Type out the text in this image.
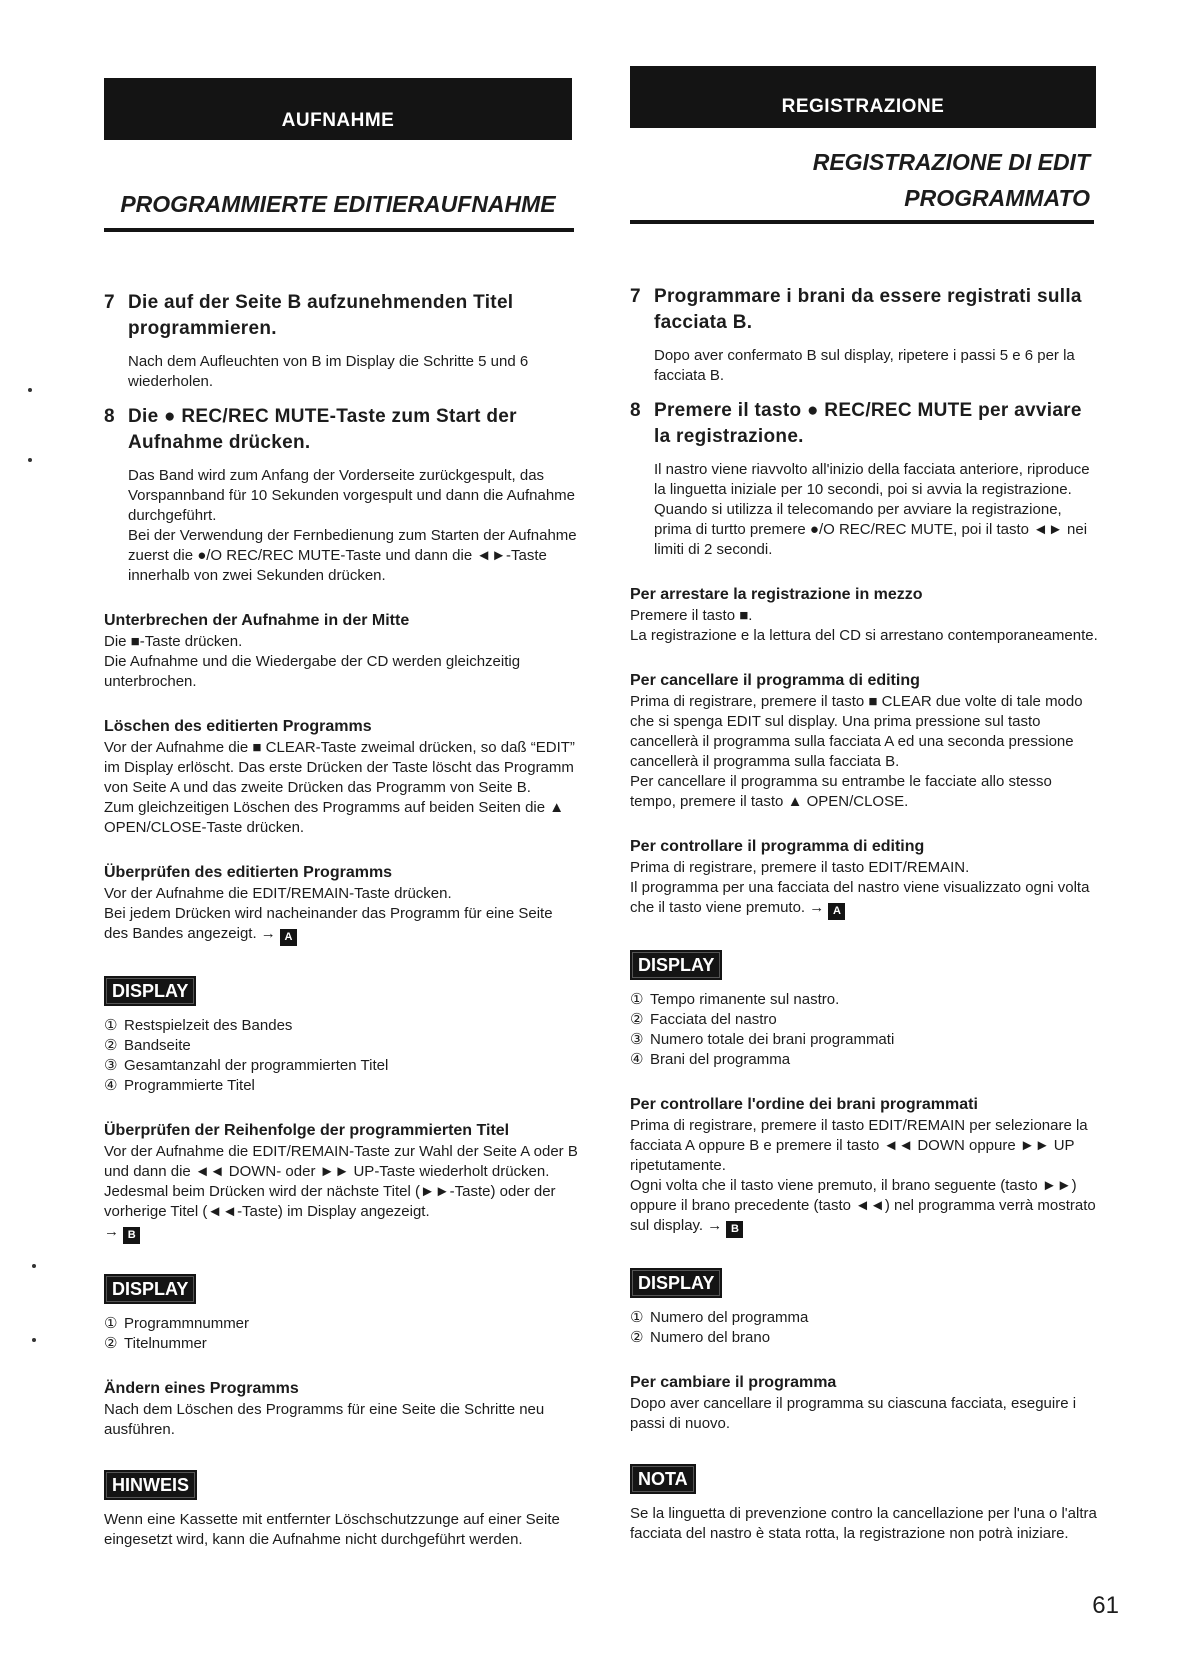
AUFNAHME
PROGRAMMIERTE EDITIERAUFNAHME
7 Die auf der Seite B aufzunehmenden Titel programmieren.
Nach dem Aufleuchten von B im Display die Schritte 5 und 6 wiederholen.
8 Die ● REC/REC MUTE-Taste zum Start der Aufnahme drücken.
Das Band wird zum Anfang der Vorderseite zurückgespult, das Vorspannband für 10 Sekunden vorgespult und dann die Aufnahme durchgeführt.
Bei der Verwendung der Fernbedienung zum Starten der Aufnahme zuerst die ●/O REC/REC MUTE-Taste und dann die ◄►-Taste innerhalb von zwei Sekunden drücken.
Unterbrechen der Aufnahme in der Mitte

Die ■-Taste drücken.

Die Aufnahme und die Wiedergabe der CD werden gleichzeitig unterbrochen.

Löschen des editierten Programms

Vor der Aufnahme die ■ CLEAR-Taste zweimal drücken, so daß “EDIT” im Display erlöscht. Das erste Drücken der Taste löscht das Programm von Seite A und das zweite Drücken das Programm von Seite B.

Zum gleichzeitigen Löschen des Programms auf beiden Seiten die ▲ OPEN/CLOSE-Taste drücken.

Überprüfen des editierten Programms

Vor der Aufnahme die EDIT/REMAIN-Taste drücken.

Bei jedem Drücken wird nacheinander das Programm für eine Seite des Bandes angezeigt. → A

DISPLAY
① Restspielzeit des Bandes
② Bandseite
③ Gesamtanzahl der programmierten Titel
④ Programmierte Titel
Überprüfen der Reihenfolge der programmierten Titel

Vor der Aufnahme die EDIT/REMAIN-Taste zur Wahl der Seite A oder B und dann die ◄◄ DOWN- oder ►► UP-Taste wiederholt drücken. Jedesmal beim Drücken wird der nächste Titel (►►-Taste) oder der vorherige Titel (◄◄-Taste) im Display angezeigt.

→ B

DISPLAY
① Programmnummer
② Titelnummer
Ändern eines Programms

Nach dem Löschen des Programms für eine Seite die Schritte neu ausführen.

HINWEIS

Wenn eine Kassette mit entfernter Löschschutzzunge auf einer Seite eingesetzt wird, kann die Aufnahme nicht durchgeführt werden.

REGISTRAZIONE
REGISTRAZIONE DI EDIT
PROGRAMMATO
7 Programmare i brani da essere registrati sulla facciata B.
Dopo aver confermato B sul display, ripetere i passi 5 e 6 per la facciata B.
8 Premere il tasto ● REC/REC MUTE per avviare la registrazione.
Il nastro viene riavvolto all'inizio della facciata anteriore, riproduce la linguetta iniziale per 10 secondi, poi si avvia la registrazione. Quando si utilizza il telecomando per avviare la registrazione, prima di turtto premere ●/O REC/REC MUTE, poi il tasto ◄► nei limiti di 2 secondi.
Per arrestare la registrazione in mezzo

Premere il tasto ■.

La registrazione e la lettura del CD si arrestano contemporaneamente.

Per cancellare il programma di editing

Prima di registrare, premere il tasto ■ CLEAR due volte di tale modo che si spenga EDIT sul display. Una prima pressione sul tasto cancellerà il programma sulla facciata A ed una seconda pressione cancellerà il programma sulla facciata B.

Per cancellare il programma su entrambe le facciate allo stesso tempo, premere il tasto ▲ OPEN/CLOSE.

Per controllare il programma di editing

Prima di registrare, premere il tasto EDIT/REMAIN.

Il programma per una facciata del nastro viene visualizzato ogni volta che il tasto viene premuto. → A

DISPLAY
① Tempo rimanente sul nastro.
② Facciata del nastro
③ Numero totale dei brani programmati
④ Brani del programma
Per controllare l'ordine dei brani programmati

Prima di registrare, premere il tasto EDIT/REMAIN per selezionare la facciata A oppure B e premere il tasto ◄◄ DOWN oppure ►► UP ripetutamente.

Ogni volta che il tasto viene premuto, il brano seguente (tasto ►►) oppure il brano precedente (tasto ◄◄) nel programma verrà mostrato sul display. → B

DISPLAY
① Numero del programma
② Numero del brano
Per cambiare il programma

Dopo aver cancellare il programma su ciascuna facciata, eseguire i passi di nuovo.

NOTA

Se la linguetta di prevenzione contro la cancellazione per l'una o l'altra facciata del nastro è stata rotta, la registrazione non potrà iniziare.

61
